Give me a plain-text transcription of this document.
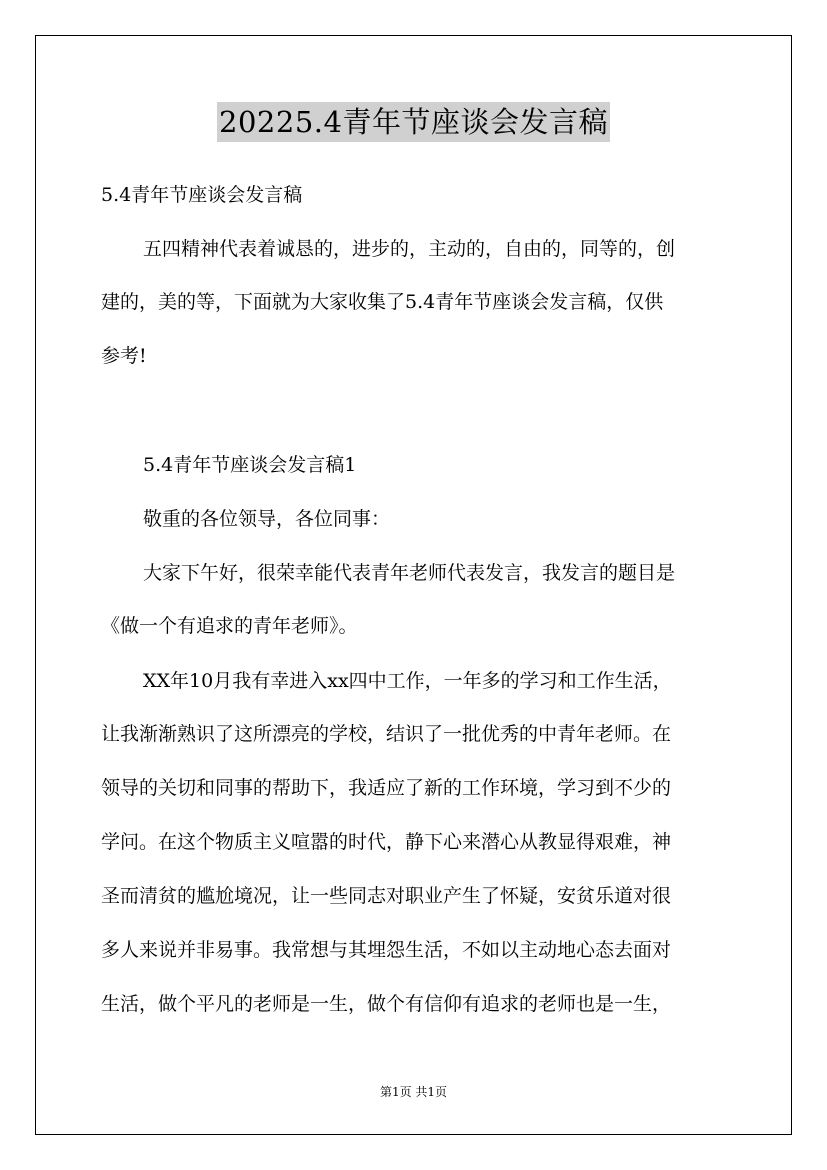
20225.4青年节座谈会发言稿
5.4青年节座谈会发言稿
五四精神代表着诚恳的，进步的，主动的，自由的，同等的，创
建的，美的等，下面就为大家收集了5.4青年节座谈会发言稿，仅供
参考!
5.4青年节座谈会发言稿1
敬重的各位领导，各位同事：
大家下午好，很荣幸能代表青年老师代表发言，我发言的题目是
《做一个有追求的青年老师》。
XX年10月我有幸进入xx四中工作，一年多的学习和工作生活，
让我渐渐熟识了这所漂亮的学校，结识了一批优秀的中青年老师。在
领导的关切和同事的帮助下，我适应了新的工作环境，学习到不少的
学问。在这个物质主义喧嚣的时代，静下心来潜心从教显得艰难，神
圣而清贫的尴尬境况，让一些同志对职业产生了怀疑，安贫乐道对很
多人来说并非易事。我常想与其埋怨生活，不如以主动地心态去面对
生活，做个平凡的老师是一生，做个有信仰有追求的老师也是一生，
第1页 共1页
